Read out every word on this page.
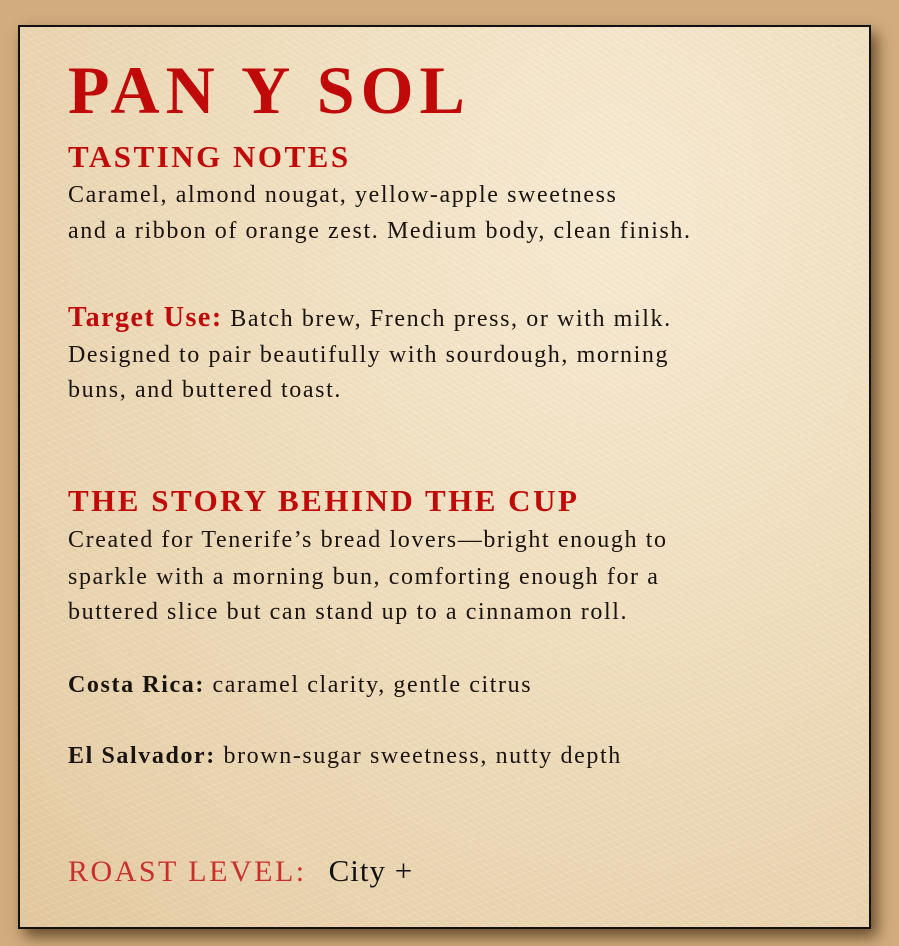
PAN Y SOL
TASTING NOTES
Caramel, almond nougat, yellow-apple sweetness
and a ribbon of orange zest. Medium body, clean finish.
Target Use: Batch brew, French press, or with milk.
Designed to pair beautifully with sourdough, morning
buns, and buttered toast.
THE STORY BEHIND THE CUP
Created for Tenerife’s bread lovers—bright enough to
sparkle with a morning bun, comforting enough for a
buttered slice but can stand up to a cinnamon roll.
Costa Rica: caramel clarity, gentle citrus
El Salvador: brown-sugar sweetness, nutty depth
ROAST LEVEL: City +
